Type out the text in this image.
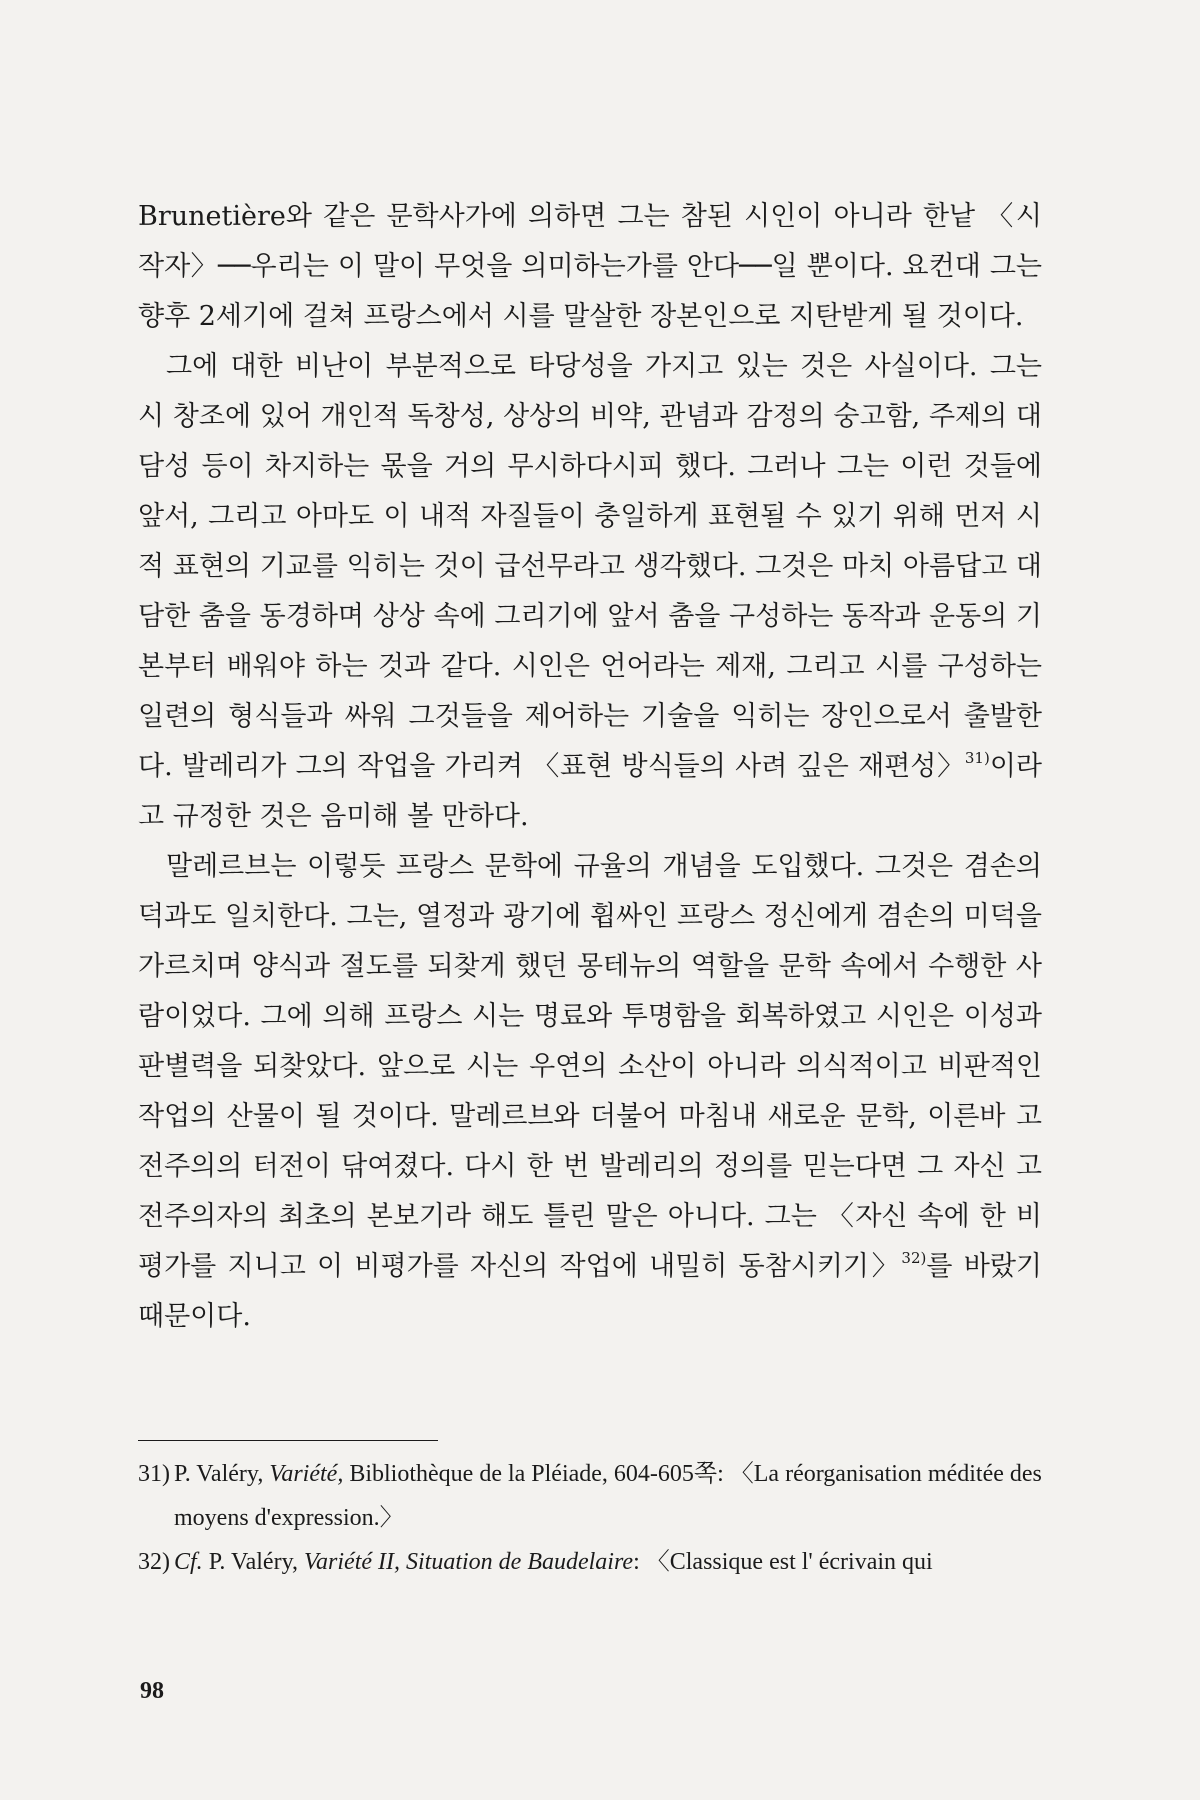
Brunetière와 같은 문학사가에 의하면 그는 참된 시인이 아니라 한낱 〈시작자〉──우리는 이 말이 무엇을 의미하는가를 안다──일 뿐이다. 요컨대 그는 향후 2세기에 걸쳐 프랑스에서 시를 말살한 장본인으로 지탄받게 될 것이다.

그에 대한 비난이 부분적으로 타당성을 가지고 있는 것은 사실이다. 그는 시 창조에 있어 개인적 독창성, 상상의 비약, 관념과 감정의 숭고함, 주제의 대담성 등이 차지하는 몫을 거의 무시하다시피 했다. 그러나 그는 이런 것들에 앞서, 그리고 아마도 이 내적 자질들이 충일하게 표현될 수 있기 위해 먼저 시적 표현의 기교를 익히는 것이 급선무라고 생각했다. 그것은 마치 아름답고 대담한 춤을 동경하며 상상 속에 그리기에 앞서 춤을 구성하는 동작과 운동의 기본부터 배워야 하는 것과 같다. 시인은 언어라는 제재, 그리고 시를 구성하는 일련의 형식들과 싸워 그것들을 제어하는 기술을 익히는 장인으로서 출발한다. 발레리가 그의 작업을 가리켜 〈표현 방식들의 사려 깊은 재편성〉$^{31)}$이라고 규정한 것은 음미해 볼 만하다.

말레르브는 이렇듯 프랑스 문학에 규율의 개념을 도입했다. 그것은 겸손의 덕과도 일치한다. 그는, 열정과 광기에 휩싸인 프랑스 정신에게 겸손의 미덕을 가르치며 양식과 절도를 되찾게 했던 몽테뉴의 역할을 문학 속에서 수행한 사람이었다. 그에 의해 프랑스 시는 명료와 투명함을 회복하였고 시인은 이성과 판별력을 되찾았다. 앞으로 시는 우연의 소산이 아니라 의식적이고 비판적인 작업의 산물이 될 것이다. 말레르브와 더불어 마침내 새로운 문학, 이른바 고전주의의 터전이 닦여졌다. 다시 한 번 발레리의 정의를 믿는다면 그 자신 고전주의자의 최초의 본보기라 해도 틀린 말은 아니다. 그는 〈자신 속에 한 비평가를 지니고 이 비평가를 자신의 작업에 내밀히 동참시키기〉$^{32)}$를 바랐기 때문이다.

31) P. Valéry, Variété, Bibliothèque de la Pléiade, 604-605쪽: 〈La réorganisation méditée des moyens d'expression.〉

32) Cf. P. Valéry, Variété II, Situation de Baudelaire: 〈Classique est l' écrivain qui

98
